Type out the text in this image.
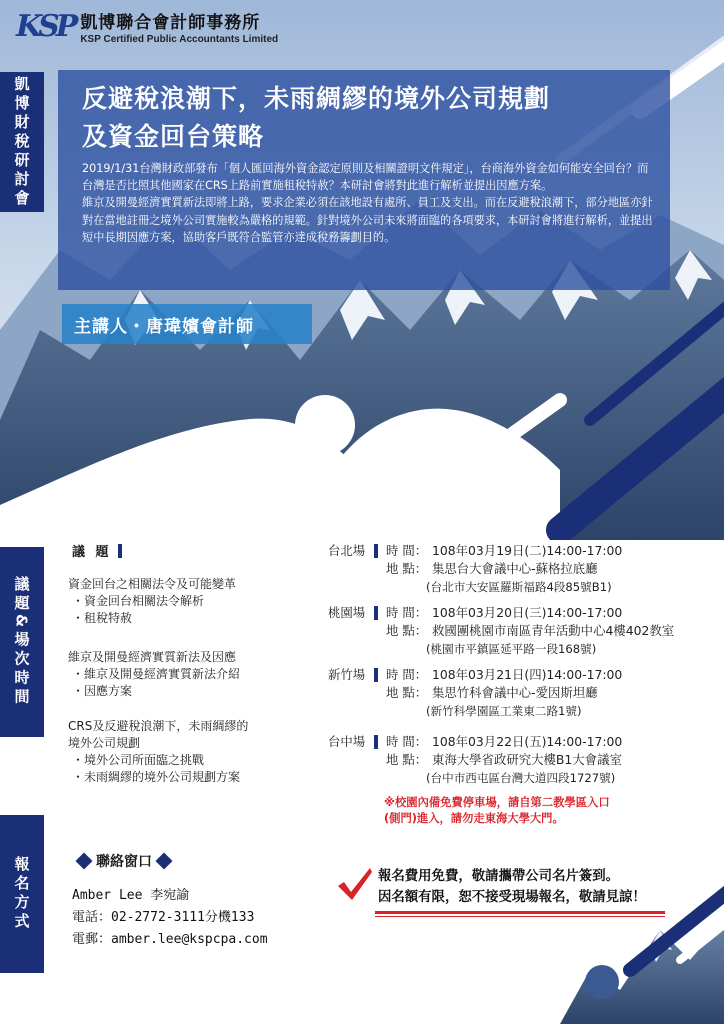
KSP 凱博聯合會計師事務所
KSP Certified Public Accountants Limited
凱博財稅研討會
議題&場次時間
報名方式
反避稅浪潮下，未雨綢繆的境外公司規劃
及資金回台策略

2019/1/31台灣財政部發布「個人匯回海外資金認定原則及相關證明文件規定」，台商海外資金如何能安全回台？而台灣是否比照其他國家在CRS上路前實施租稅特赦？本研討會將對此進行解析並提出因應方案。

維京及開曼經濟實質新法即將上路，要求企業必須在該地設有處所、員工及支出。而在反避稅浪潮下，部分地區亦針對在當地註冊之境外公司實施較為嚴格的規範。針對境外公司未來將面臨的各項要求，本研討會將進行解析，並提出短中長期因應方案，協助客戶既符合監管亦達成稅務籌劃目的。

主講人・唐瑋嬪會計師
議 題
資金回台之相關法令及可能變革
・資金回台相關法令解析
・租稅特赦
維京及開曼經濟實質新法及因應
・維京及開曼經濟實質新法介紹
・因應方案
CRS及反避稅浪潮下，未雨綢繆的
境外公司規劃
・境外公司所面臨之挑戰
・未雨綢繆的境外公司規劃方案
台北場	時 間： 108年03月19日(二)14:00-17:00
地 點： 集思台大會議中心-蘇格拉底廳
(台北市大安區羅斯福路4段85號B1)
桃園場	時 間： 108年03月20日(三)14:00-17:00
地 點： 救國團桃園市南區青年活動中心4樓402教室
(桃園市平鎮區延平路一段168號)
新竹場	時 間： 108年03月21日(四)14:00-17:00
地 點： 集思竹科會議中心-愛因斯坦廳
(新竹科學園區工業東二路1號)
台中場	時 間： 108年03月22日(五)14:00-17:00
地 點： 東海大學省政研究大樓B1大會議室
(台中市西屯區台灣大道四段1727號)
※校園內備免費停車場，請自第二教學區入口
(側門)進入，請勿走東海大學大門。
聯絡窗口
Amber Lee 李宛諭
電話：02-2772-3111分機133
電郵：amber.lee@kspcpa.com
報名費用免費，敬請攜帶公司名片簽到。
因名額有限，恕不接受現場報名，敬請見諒！
